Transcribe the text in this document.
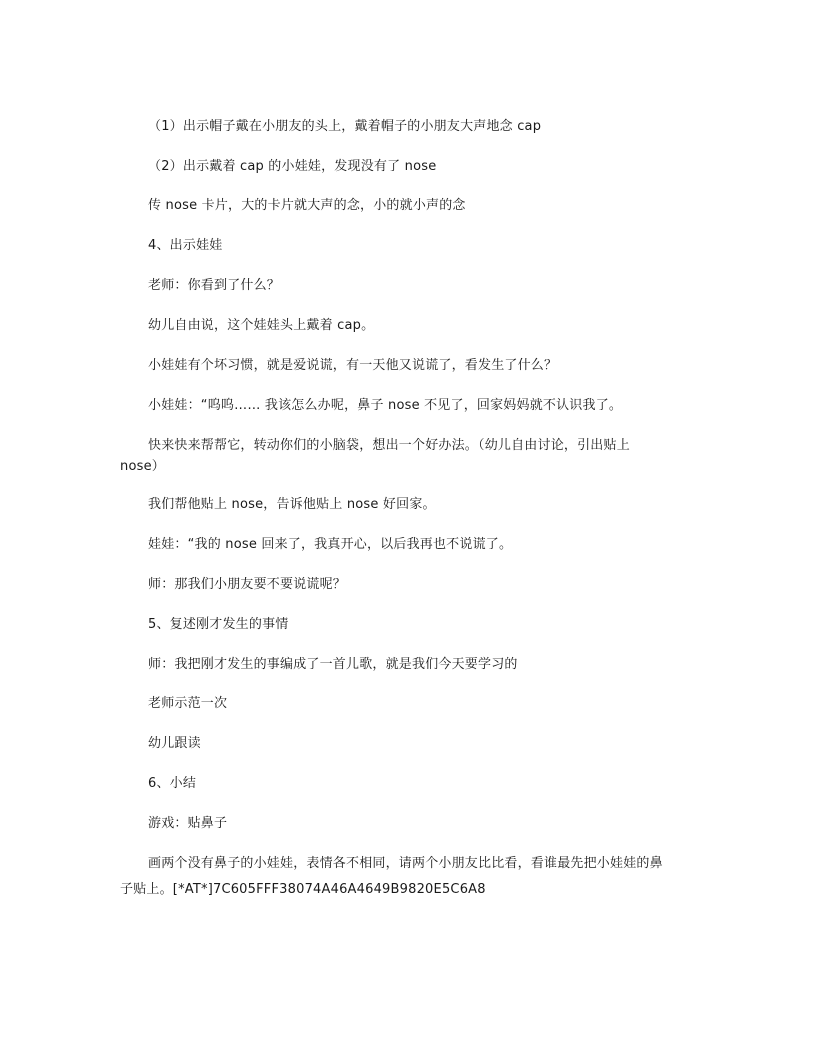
（1）出示帽子戴在小朋友的头上，戴着帽子的小朋友大声地念 cap
（2）出示戴着 cap 的小娃娃，发现没有了 nose
传 nose 卡片，大的卡片就大声的念，小的就小声的念
4、出示娃娃
老师：你看到了什么？
幼儿自由说，这个娃娃头上戴着 cap。
小娃娃有个坏习惯，就是爱说谎，有一天他又说谎了，看发生了什么？
小娃娃：“呜呜…… 我该怎么办呢，鼻子 nose 不见了，回家妈妈就不认识我了。
快来快来帮帮它，转动你们的小脑袋，想出一个好办法。（幼儿自由讨论，引出贴上
nose）
我们帮他贴上 nose，告诉他贴上 nose 好回家。
娃娃：“我的 nose 回来了，我真开心，以后我再也不说谎了。
师：那我们小朋友要不要说谎呢？
5、复述刚才发生的事情
师：我把刚才发生的事编成了一首儿歌，就是我们今天要学习的
老师示范一次
幼儿跟读
6、小结
游戏：贴鼻子
画两个没有鼻子的小娃娃，表情各不相同，请两个小朋友比比看，看谁最先把小娃娃的鼻
子贴上。[*AT*]7C605FFF38074A46A4649B9820E5C6A8
